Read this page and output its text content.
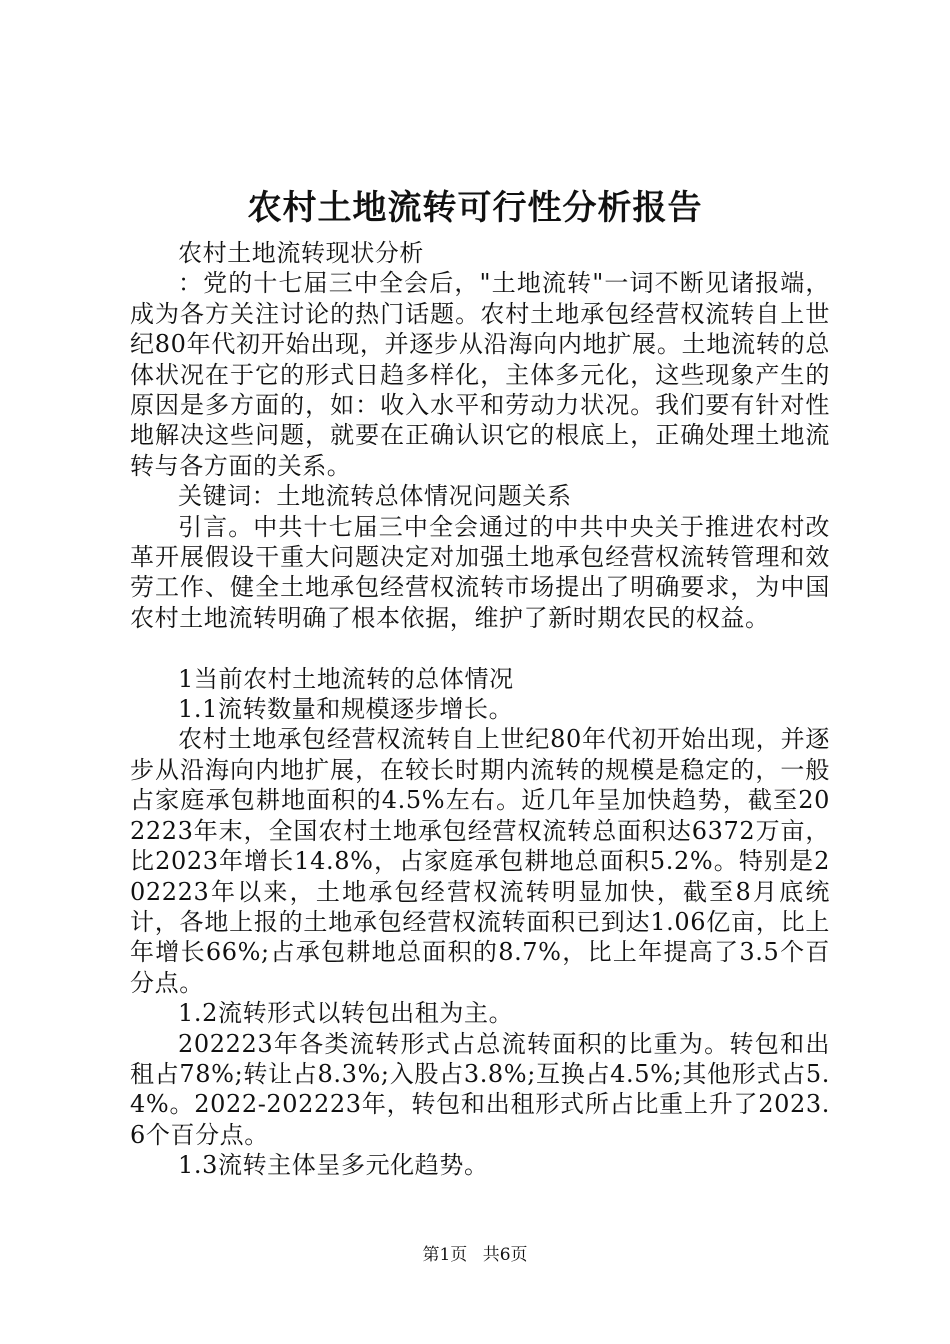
农村土地流转可行性分析报告

农村土地流转现状分析

：党的十七届三中全会后，"土地流转"一词不断见诸报端，成为各方关注讨论的热门话题。农村土地承包经营权流转自上世纪80年代初开始出现，并逐步从沿海向内地扩展。土地流转的总体状况在于它的形式日趋多样化，主体多元化，这些现象产生的原因是多方面的，如：收入水平和劳动力状况。我们要有针对性地解决这些问题，就要在正确认识它的根底上，正确处理土地流转与各方面的关系。

关键词：土地流转总体情况问题关系

引言。中共十七届三中全会通过的中共中央关于推进农村改革开展假设干重大问题决定对加强土地承包经营权流转管理和效劳工作、健全土地承包经营权流转市场提出了明确要求，为中国农村土地流转明确了根本依据，维护了新时期农民的权益。

1当前农村土地流转的总体情况

1.1流转数量和规模逐步增长。

农村土地承包经营权流转自上世纪80年代初开始出现，并逐步从沿海向内地扩展，在较长时期内流转的规模是稳定的，一般占家庭承包耕地面积的4.5%左右。近几年呈加快趋势，截至202223年末，全国农村土地承包经营权流转总面积达6372万亩，比2023年增长14.8%，占家庭承包耕地总面积5.2%。特别是202223年以来，土地承包经营权流转明显加快，截至8月底统计，各地上报的土地承包经营权流转面积已到达1.06亿亩，比上年增长66%;占承包耕地总面积的8.7%，比上年提高了3.5个百分点。

1.2流转形式以转包出租为主。

202223年各类流转形式占总流转面积的比重为。转包和出租占78%;转让占8.3%;入股占3.8%;互换占4.5%;其他形式占5.4%。2022-202223年，转包和出租形式所占比重上升了2023.6个百分点。

1.3流转主体呈多元化趋势。

第1页 共6页
